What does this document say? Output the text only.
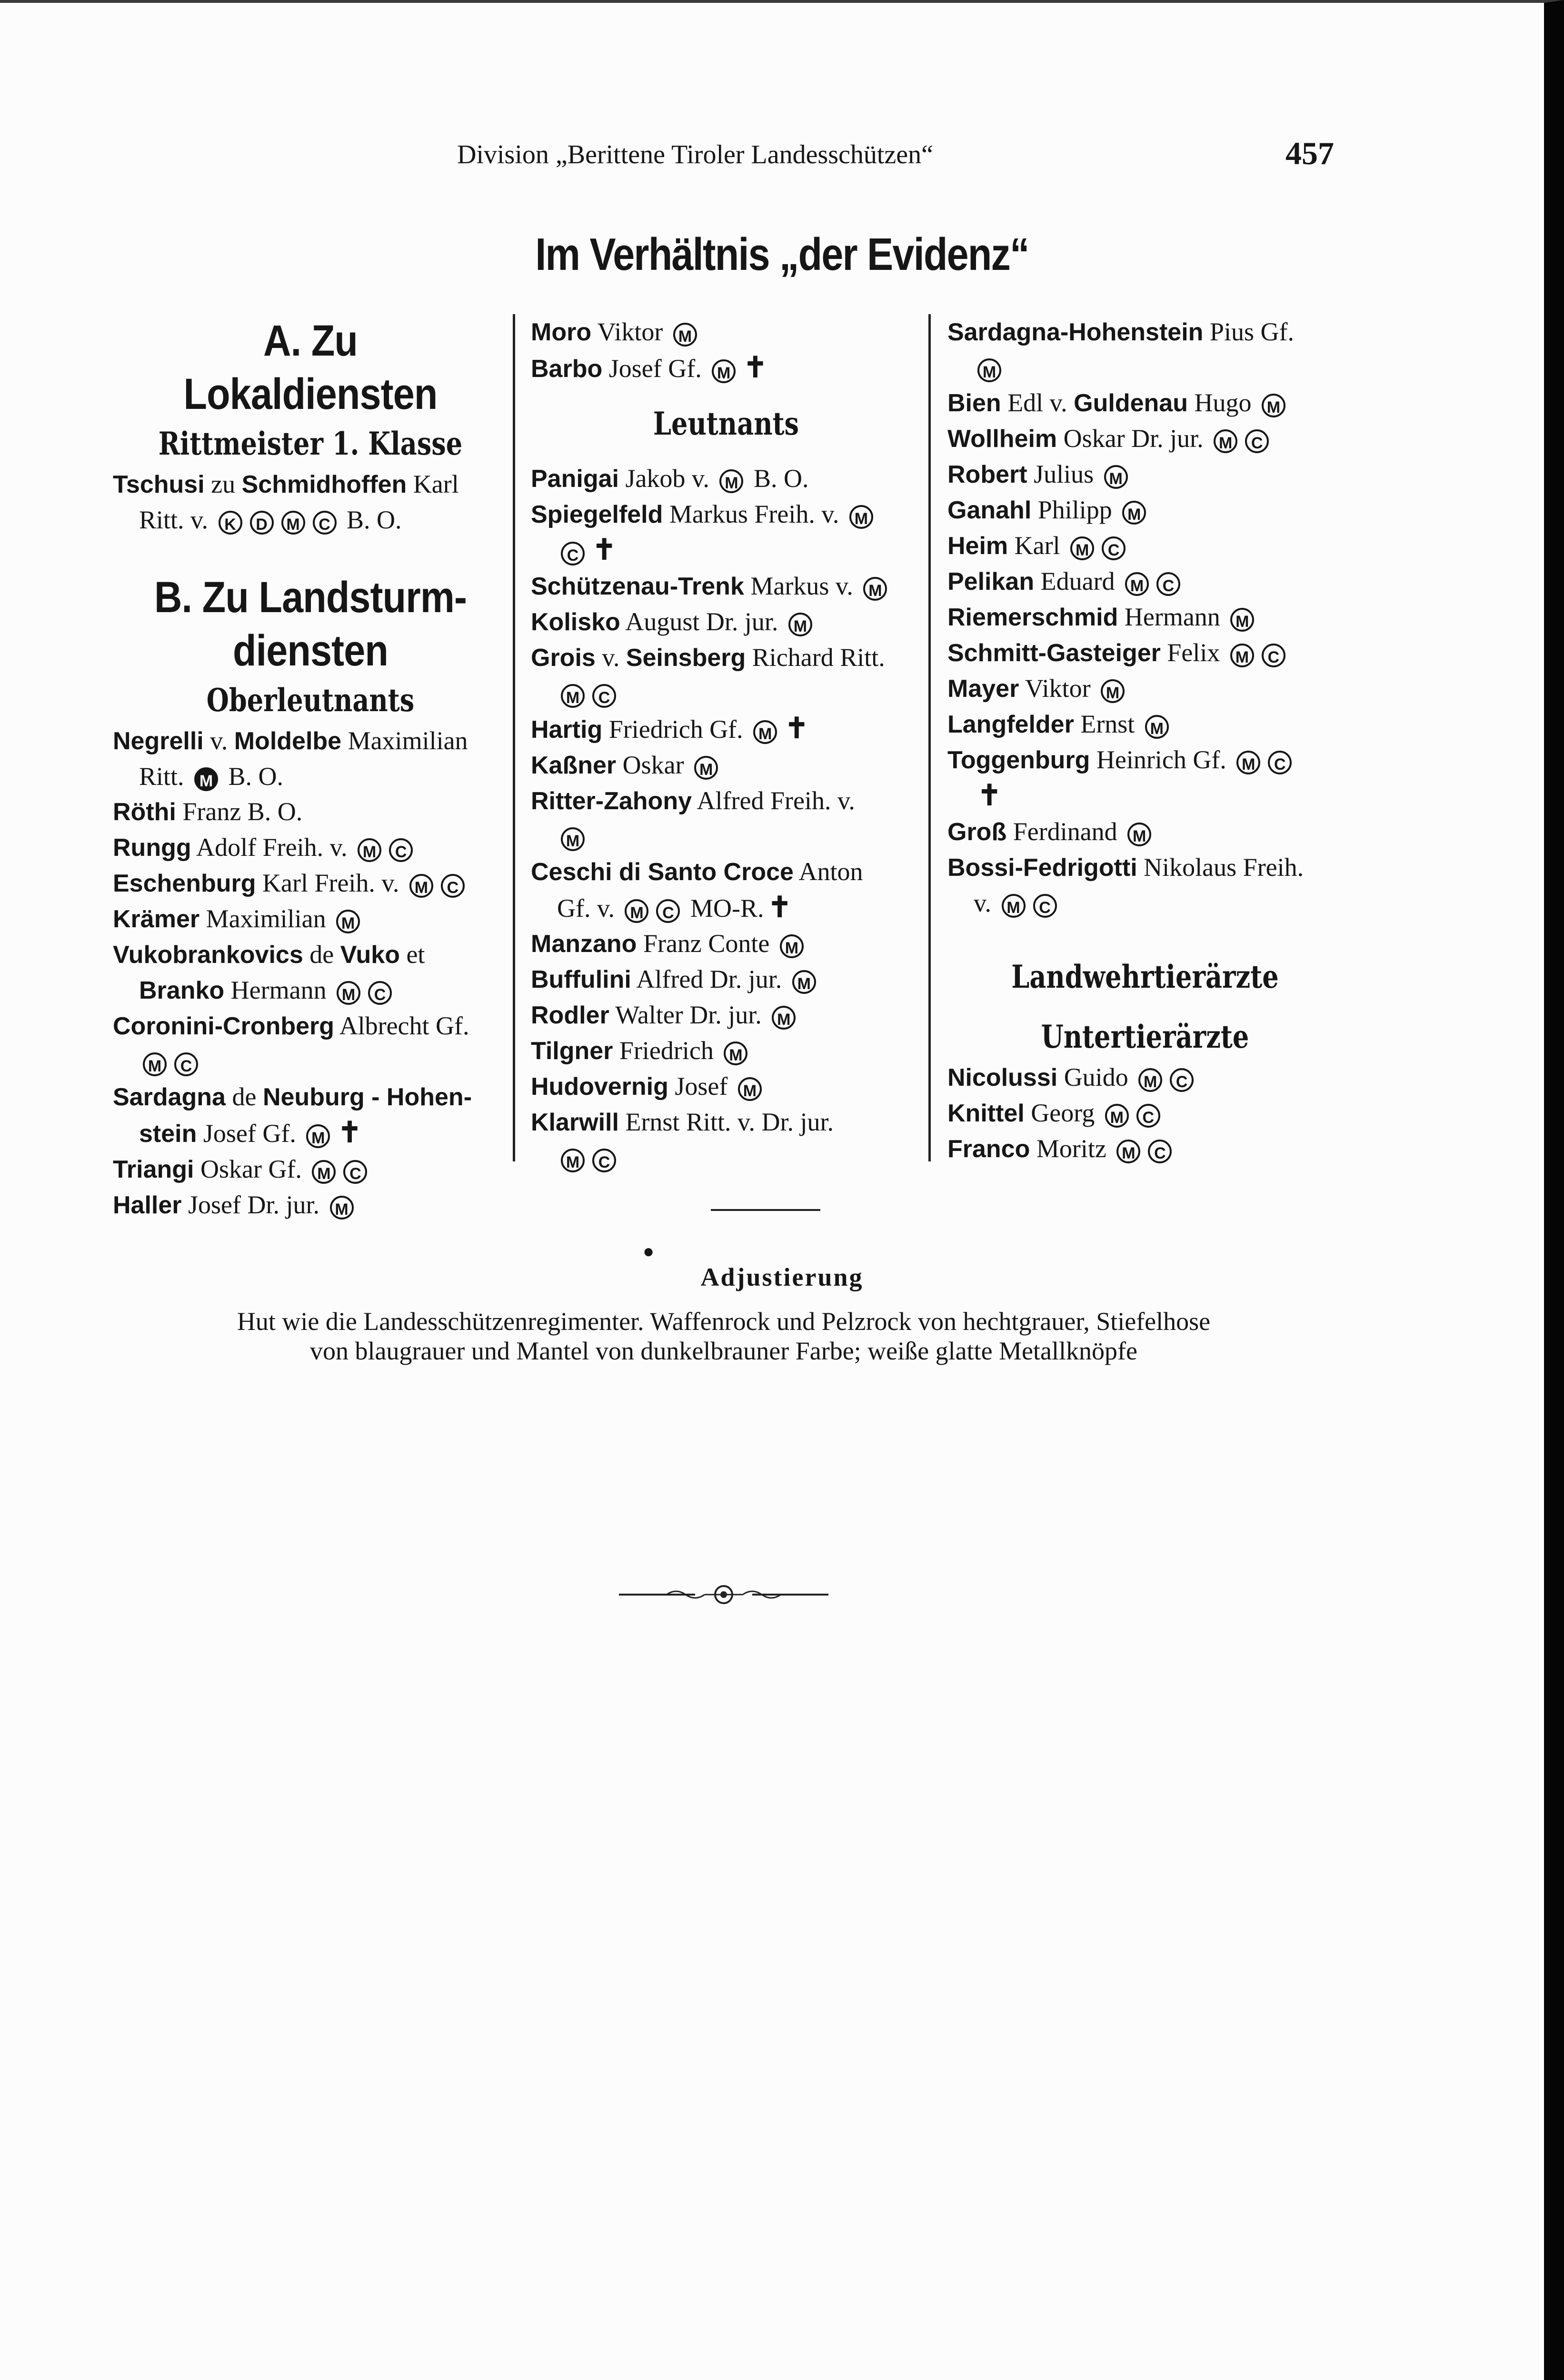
Division „Berittene Tiroler Landesschützen“	457
Im Verhältnis „der Evidenz“
A. Zu Lokaldiensten
Rittmeister 1. Klasse

Tschusi zu Schmidhoffen Karl
Ritt. v. K D M C B. O.

B. Zu Landsturm-
diensten
Oberleutnants

Negrelli v. Moldelbe Maximilian
Ritt. M B. O.

Röthi Franz B. O.

Rungg Adolf Freih. v. M C

Eschenburg Karl Freih. v. M C

Krämer Maximilian M

Vukobrankovics de Vuko et
Branko Hermann M C

Coronini-Cronberg Albrecht Gf.
M C

Sardagna de Neuburg - Hohen-
stein Josef Gf. M ✝

Triangi Oskar Gf. M C

Haller Josef Dr. jur. M

Moro Viktor M

Barbo Josef Gf. M ✝

Leutnants

Panigai Jakob v. M B. O.

Spiegelfeld Markus Freih. v. M
C ✝

Schützenau-Trenk Markus v. M

Kolisko August Dr. jur. M

Grois v. Seinsberg Richard Ritt.
M C

Hartig Friedrich Gf. M ✝

Kaßner Oskar M

Ritter-Zahony Alfred Freih. v.
M

Ceschi di Santo Croce Anton
Gf. v. M C MO-R. ✝

Manzano Franz Conte M

Buffulini Alfred Dr. jur. M

Rodler Walter Dr. jur. M

Tilgner Friedrich M

Hudovernig Josef M

Klarwill Ernst Ritt. v. Dr. jur.
M C

Sardagna-Hohenstein Pius Gf.
M

Bien Edl v. Guldenau Hugo M

Wollheim Oskar Dr. jur. M C

Robert Julius M

Ganahl Philipp M

Heim Karl M C

Pelikan Eduard M C

Riemerschmid Hermann M

Schmitt-Gasteiger Felix M C

Mayer Viktor M

Langfelder Ernst M

Toggenburg Heinrich Gf. M C
✝

Groß Ferdinand M

Bossi-Fedrigotti Nikolaus Freih.
v. M C

Landwehrtierärzte
Untertierärzte

Nicolussi Guido M C

Knittel Georg M C

Franco Moritz M C

●
Adjustierung
Hut wie die Landesschützenregimenter. Waffenrock und Pelzrock von hechtgrauer, Stiefelhose
von blaugrauer und Mantel von dunkelbrauner Farbe; weiße glatte Metallknöpfe
